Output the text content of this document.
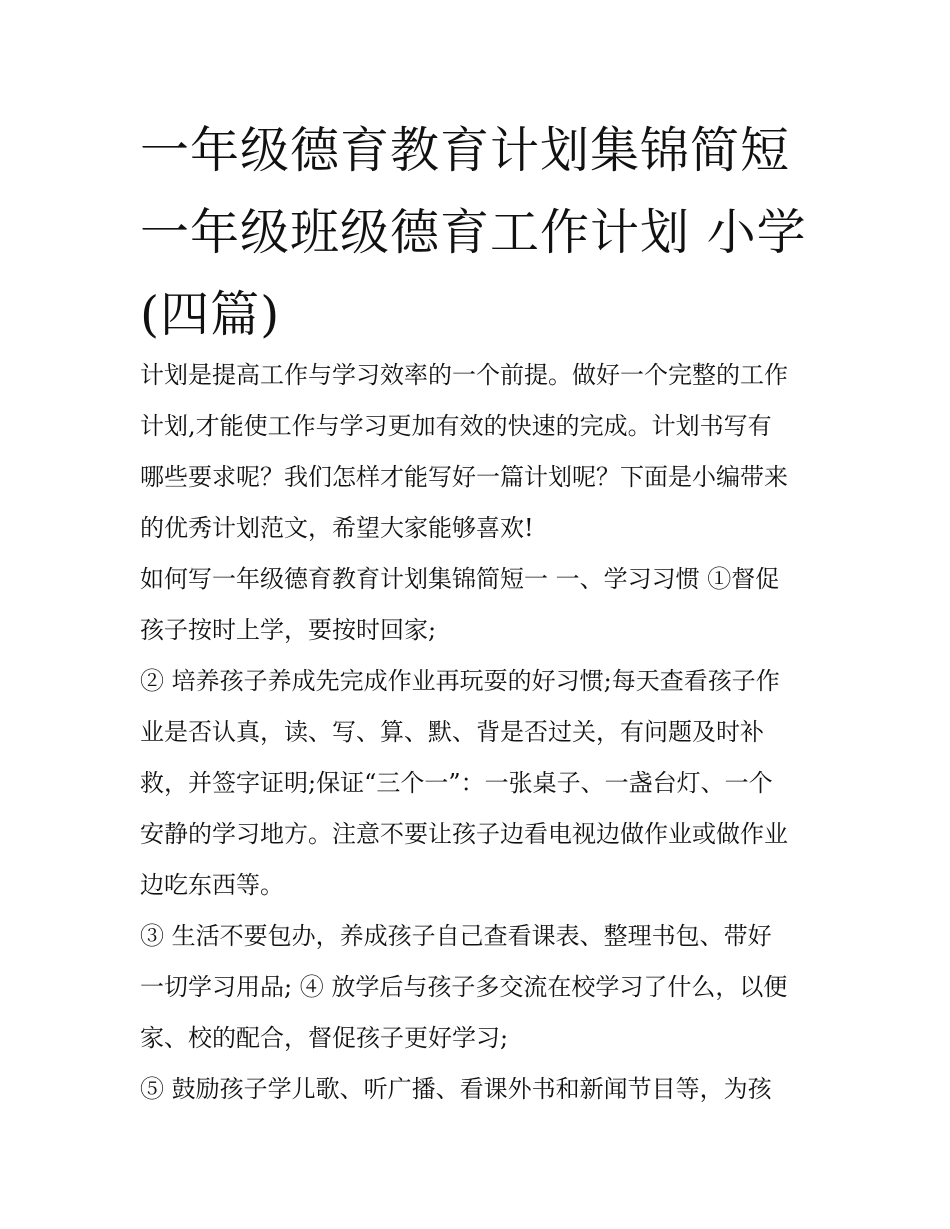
一年级德育教育计划集锦简短
一年级班级德育工作计划 小学
(四篇)
计划是提高工作与学习效率的一个前提。做好一个完整的工作
计划,才能使工作与学习更加有效的快速的完成。计划书写有
哪些要求呢？我们怎样才能写好一篇计划呢？下面是小编带来
的优秀计划范文，希望大家能够喜欢!
如何写一年级德育教育计划集锦简短一 一、学习习惯 ①督促
孩子按时上学，要按时回家;
② 培养孩子养成先完成作业再玩耍的好习惯;每天查看孩子作
业是否认真，读、写、算、默、背是否过关，有问题及时补
救，并签字证明;保证“三个一”：一张桌子、一盏台灯、一个
安静的学习地方。注意不要让孩子边看电视边做作业或做作业
边吃东西等。
③ 生活不要包办，养成孩子自己查看课表、整理书包、带好
一切学习用品; ④ 放学后与孩子多交流在校学习了什么，以便
家、校的配合，督促孩子更好学习;
⑤ 鼓励孩子学儿歌、听广播、看课外书和新闻节目等，为孩
